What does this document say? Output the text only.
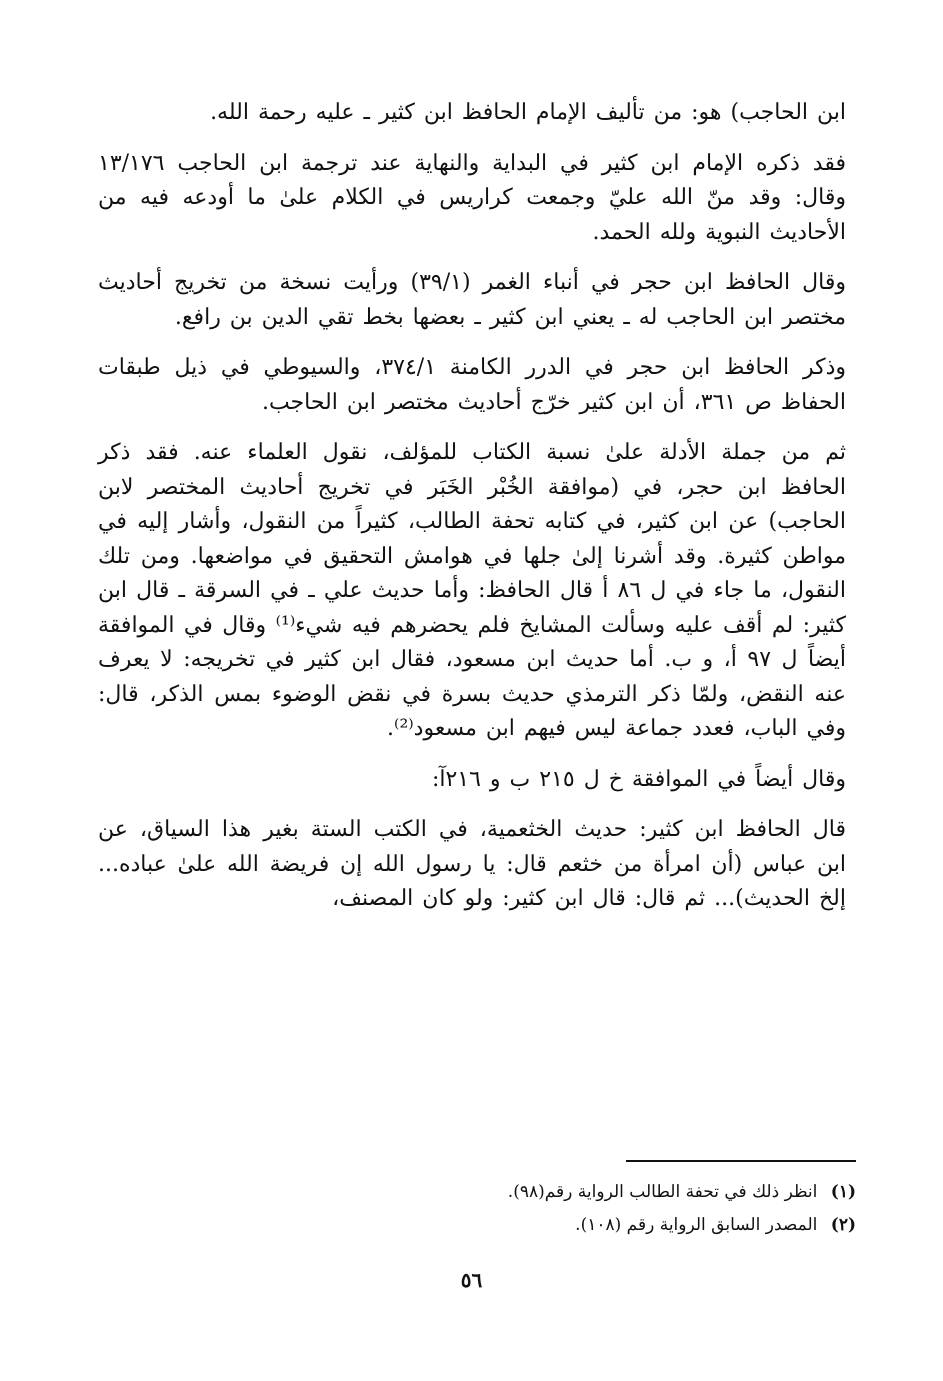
ابن الحاجب) هو: من تأليف الإمام الحافظ ابن كثير ـ عليه رحمة الله.

فقد ذكره الإمام ابن كثير في البداية والنهاية عند ترجمة ابن الحاجب ١٣/١٧٦ وقال: وقد منّ الله عليّ وجمعت كراريس في الكلام علىٰ ما أودعه فيه من الأحاديث النبوية ولله الحمد.

وقال الحافظ ابن حجر في أنباء الغمر (٣٩/١) ورأيت نسخة من تخريج أحاديث مختصر ابن الحاجب له ـ يعني ابن كثير ـ بعضها بخط تقي الدين بن رافع.

وذكر الحافظ ابن حجر في الدرر الكامنة ٣٧٤/١، والسيوطي في ذيل طبقات الحفاظ ص ٣٦١، أن ابن كثير خرّج أحاديث مختصر ابن الحاجب.

ثم من جملة الأدلة علىٰ نسبة الكتاب للمؤلف، نقول العلماء عنه. فقد ذكر الحافظ ابن حجر، في (موافقة الخُبْر الخَبَر في تخريج أحاديث المختصر لابن الحاجب) عن ابن كثير، في كتابه تحفة الطالب، كثيراً من النقول، وأشار إليه في مواطن كثيرة. وقد أشرنا إلىٰ جلها في هوامش التحقيق في مواضعها. ومن تلك النقول، ما جاء في ل ٨٦ أ قال الحافظ: وأما حديث علي ـ في السرقة ـ قال ابن كثير: لم أقف عليه وسألت المشايخ فلم يحضرهم فيه شيء⁽¹⁾ وقال في الموافقة أيضاً ل ٩٧ أ، و ب. أما حديث ابن مسعود، فقال ابن كثير في تخريجه: لا يعرف عنه النقض، ولمّا ذكر الترمذي حديث بسرة في نقض الوضوء بمس الذكر، قال: وفي الباب، فعدد جماعة ليس فيهم ابن مسعود⁽²⁾.

وقال أيضاً في الموافقة خ ل ٢١٥ ب و ٢١٦آ:

قال الحافظ ابن كثير: حديث الخثعمية، في الكتب الستة بغير هذا السياق، عن ابن عباس (أن امرأة من خثعم قال: يا رسول الله إن فريضة الله علىٰ عباده... إلخ الحديث)... ثم قال: قال ابن كثير: ولو كان المصنف،

(١) انظر ذلك في تحفة الطالب الرواية رقم(٩٨).
(٢) المصدر السابق الرواية رقم (١٠٨).
٥٦
